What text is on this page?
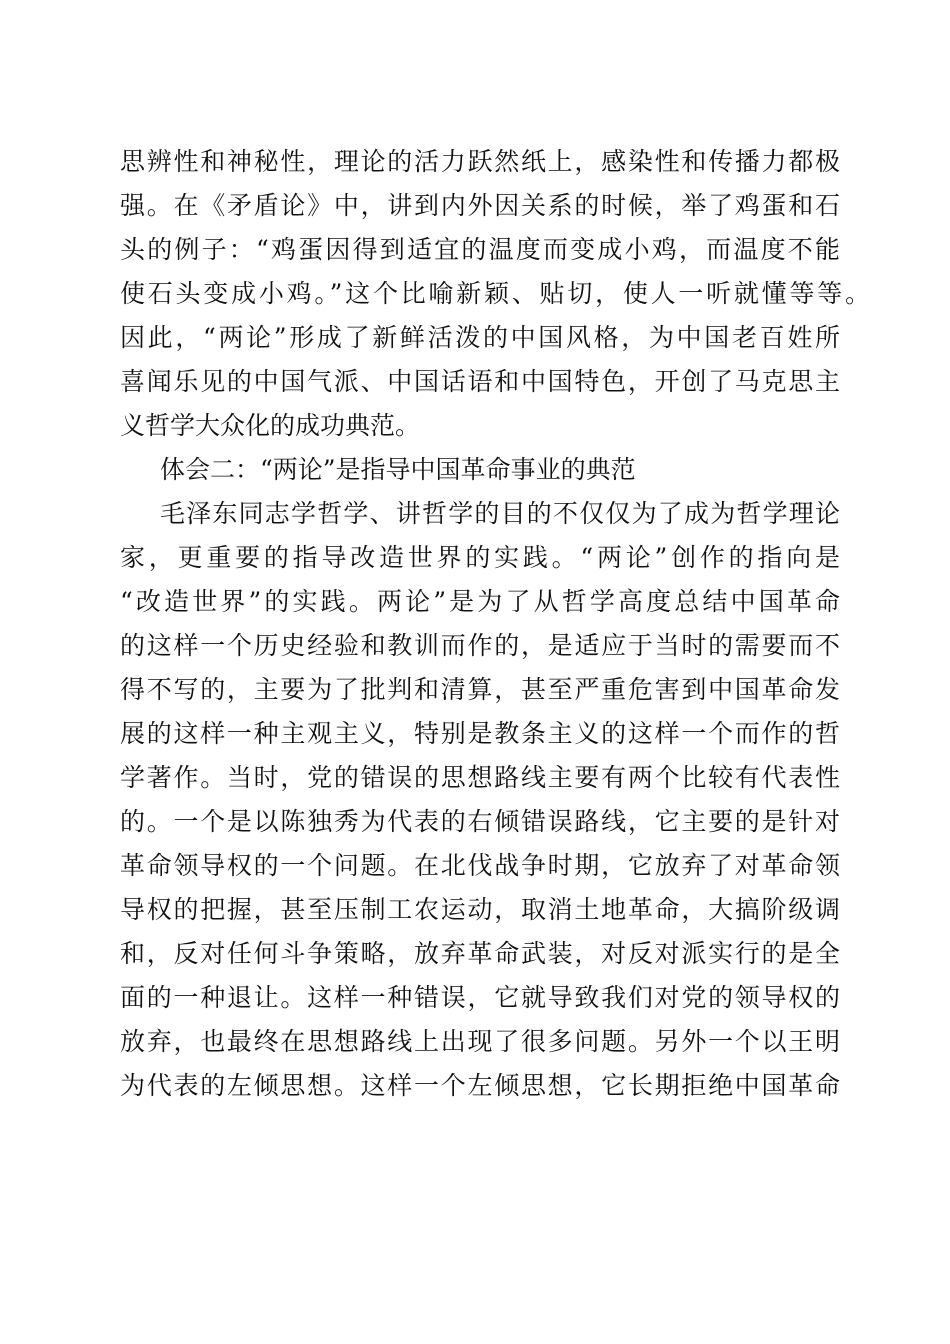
思辨性和神秘性，理论的活力跃然纸上，感染性和传播力都极
强。在《矛盾论》中，讲到内外因关系的时候，举了鸡蛋和石
头的例子：“鸡蛋因得到适宜的温度而变成小鸡，而温度不能
使石头变成小鸡。”这个比喻新颖、贴切，使人一听就懂等等。
因此，“两论”形成了新鲜活泼的中国风格，为中国老百姓所
喜闻乐见的中国气派、中国话语和中国特色，开创了马克思主
义哲学大众化的成功典范。
体会二：“两论”是指导中国革命事业的典范
毛泽东同志学哲学、讲哲学的目的不仅仅为了成为哲学理论
家，更重要的指导改造世界的实践。“两论”创作的指向是
“改造世界”的实践。两论”是为了从哲学高度总结中国革命
的这样一个历史经验和教训而作的，是适应于当时的需要而不
得不写的，主要为了批判和清算，甚至严重危害到中国革命发
展的这样一种主观主义，特别是教条主义的这样一个而作的哲
学著作。当时，党的错误的思想路线主要有两个比较有代表性
的。一个是以陈独秀为代表的右倾错误路线，它主要的是针对
革命领导权的一个问题。在北伐战争时期，它放弃了对革命领
导权的把握，甚至压制工农运动，取消土地革命，大搞阶级调
和，反对任何斗争策略，放弃革命武装，对反对派实行的是全
面的一种退让。这样一种错误，它就导致我们对党的领导权的
放弃，也最终在思想路线上出现了很多问题。另外一个以王明
为代表的左倾思想。这样一个左倾思想，它长期拒绝中国革命
